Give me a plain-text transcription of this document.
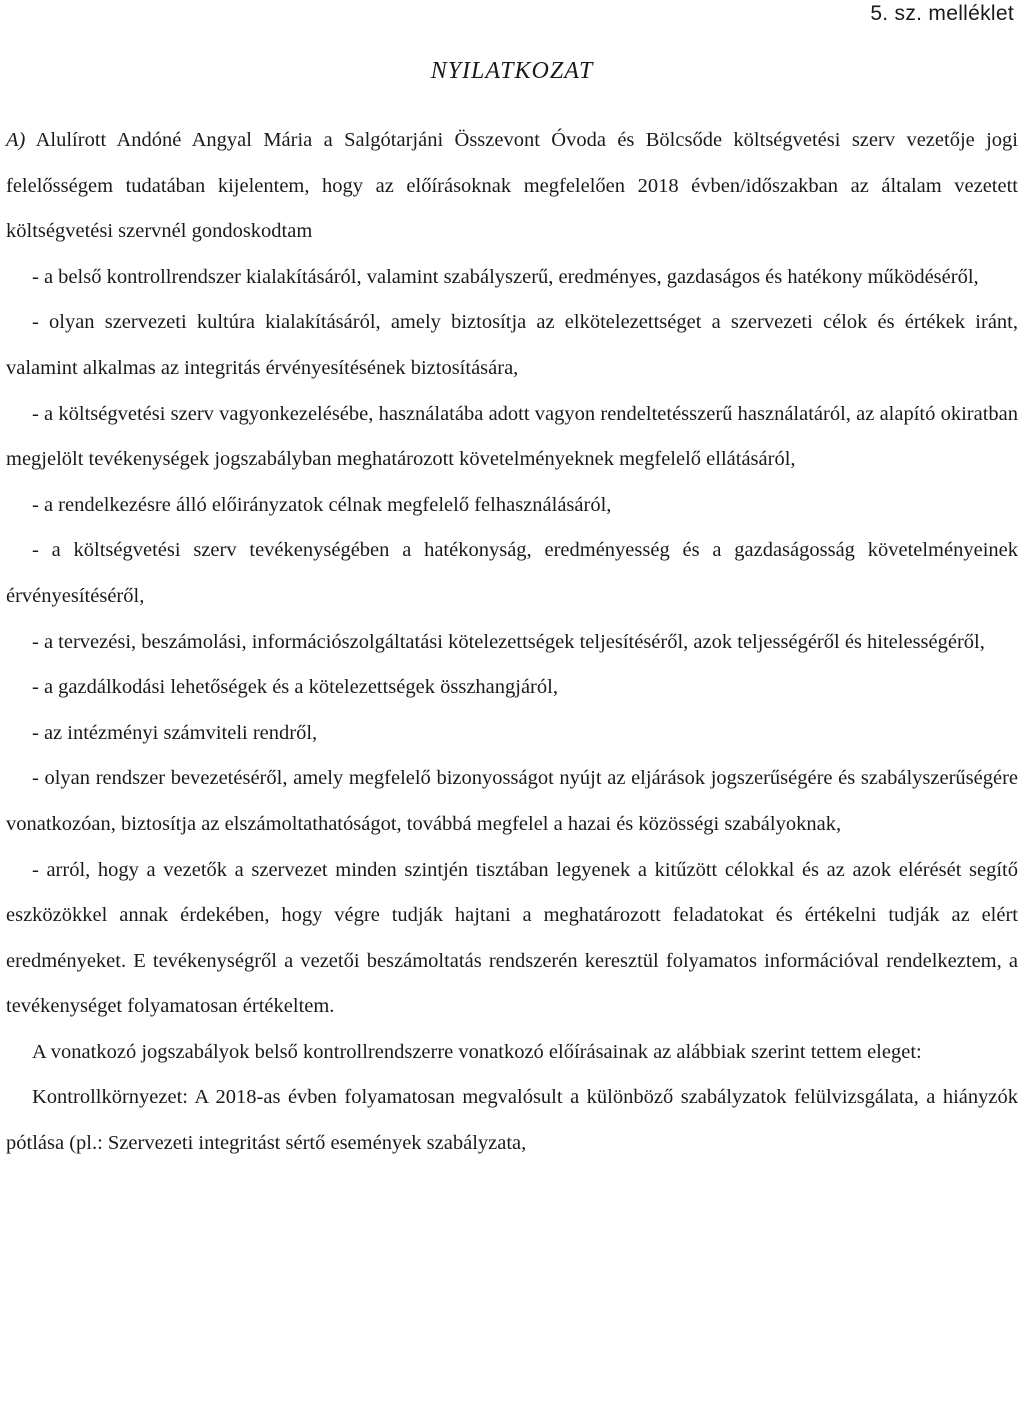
5. sz. melléklet
NYILATKOZAT

A) Alulírott Andóné Angyal Mária a Salgótarjáni Összevont Óvoda és Bölcsőde költségvetési szerv vezetője jogi felelősségem tudatában kijelentem, hogy az előírásoknak megfelelően 2018 évben/időszakban az általam vezetett költségvetési szervnél gondoskodtam

- a belső kontrollrendszer kialakításáról, valamint szabályszerű, eredményes, gazdaságos és hatékony működéséről,

- olyan szervezeti kultúra kialakításáról, amely biztosítja az elkötelezettséget a szervezeti célok és értékek iránt, valamint alkalmas az integritás érvényesítésének biztosítására,

- a költségvetési szerv vagyonkezelésébe, használatába adott vagyon rendeltetésszerű használatáról, az alapító okiratban megjelölt tevékenységek jogszabályban meghatározott követelményeknek megfelelő ellátásáról,

- a rendelkezésre álló előirányzatok célnak megfelelő felhasználásáról,

- a költségvetési szerv tevékenységében a hatékonyság, eredményesség és a gazdaságosság követelményeinek érvényesítéséről,

- a tervezési, beszámolási, információszolgáltatási kötelezettségek teljesítéséről, azok teljességéről és hitelességéről,

- a gazdálkodási lehetőségek és a kötelezettségek összhangjáról,

- az intézményi számviteli rendről,

- olyan rendszer bevezetéséről, amely megfelelő bizonyosságot nyújt az eljárások jogszerűségére és szabályszerűségére vonatkozóan, biztosítja az elszámoltathatóságot, továbbá megfelel a hazai és közösségi szabályoknak,

- arról, hogy a vezetők a szervezet minden szintjén tisztában legyenek a kitűzött célokkal és az azok elérését segítő eszközökkel annak érdekében, hogy végre tudják hajtani a meghatározott feladatokat és értékelni tudják az elért eredményeket. E tevékenységről a vezetői beszámoltatás rendszerén keresztül folyamatos információval rendelkeztem, a tevékenységet folyamatosan értékeltem.

A vonatkozó jogszabályok belső kontrollrendszerre vonatkozó előírásainak az alábbiak szerint tettem eleget:

Kontrollkörnyezet: A 2018-as évben folyamatosan megvalósult a különböző szabályzatok felülvizsgálata, a hiányzók pótlása (pl.: Szervezeti integritást sértő események szabályzata,
